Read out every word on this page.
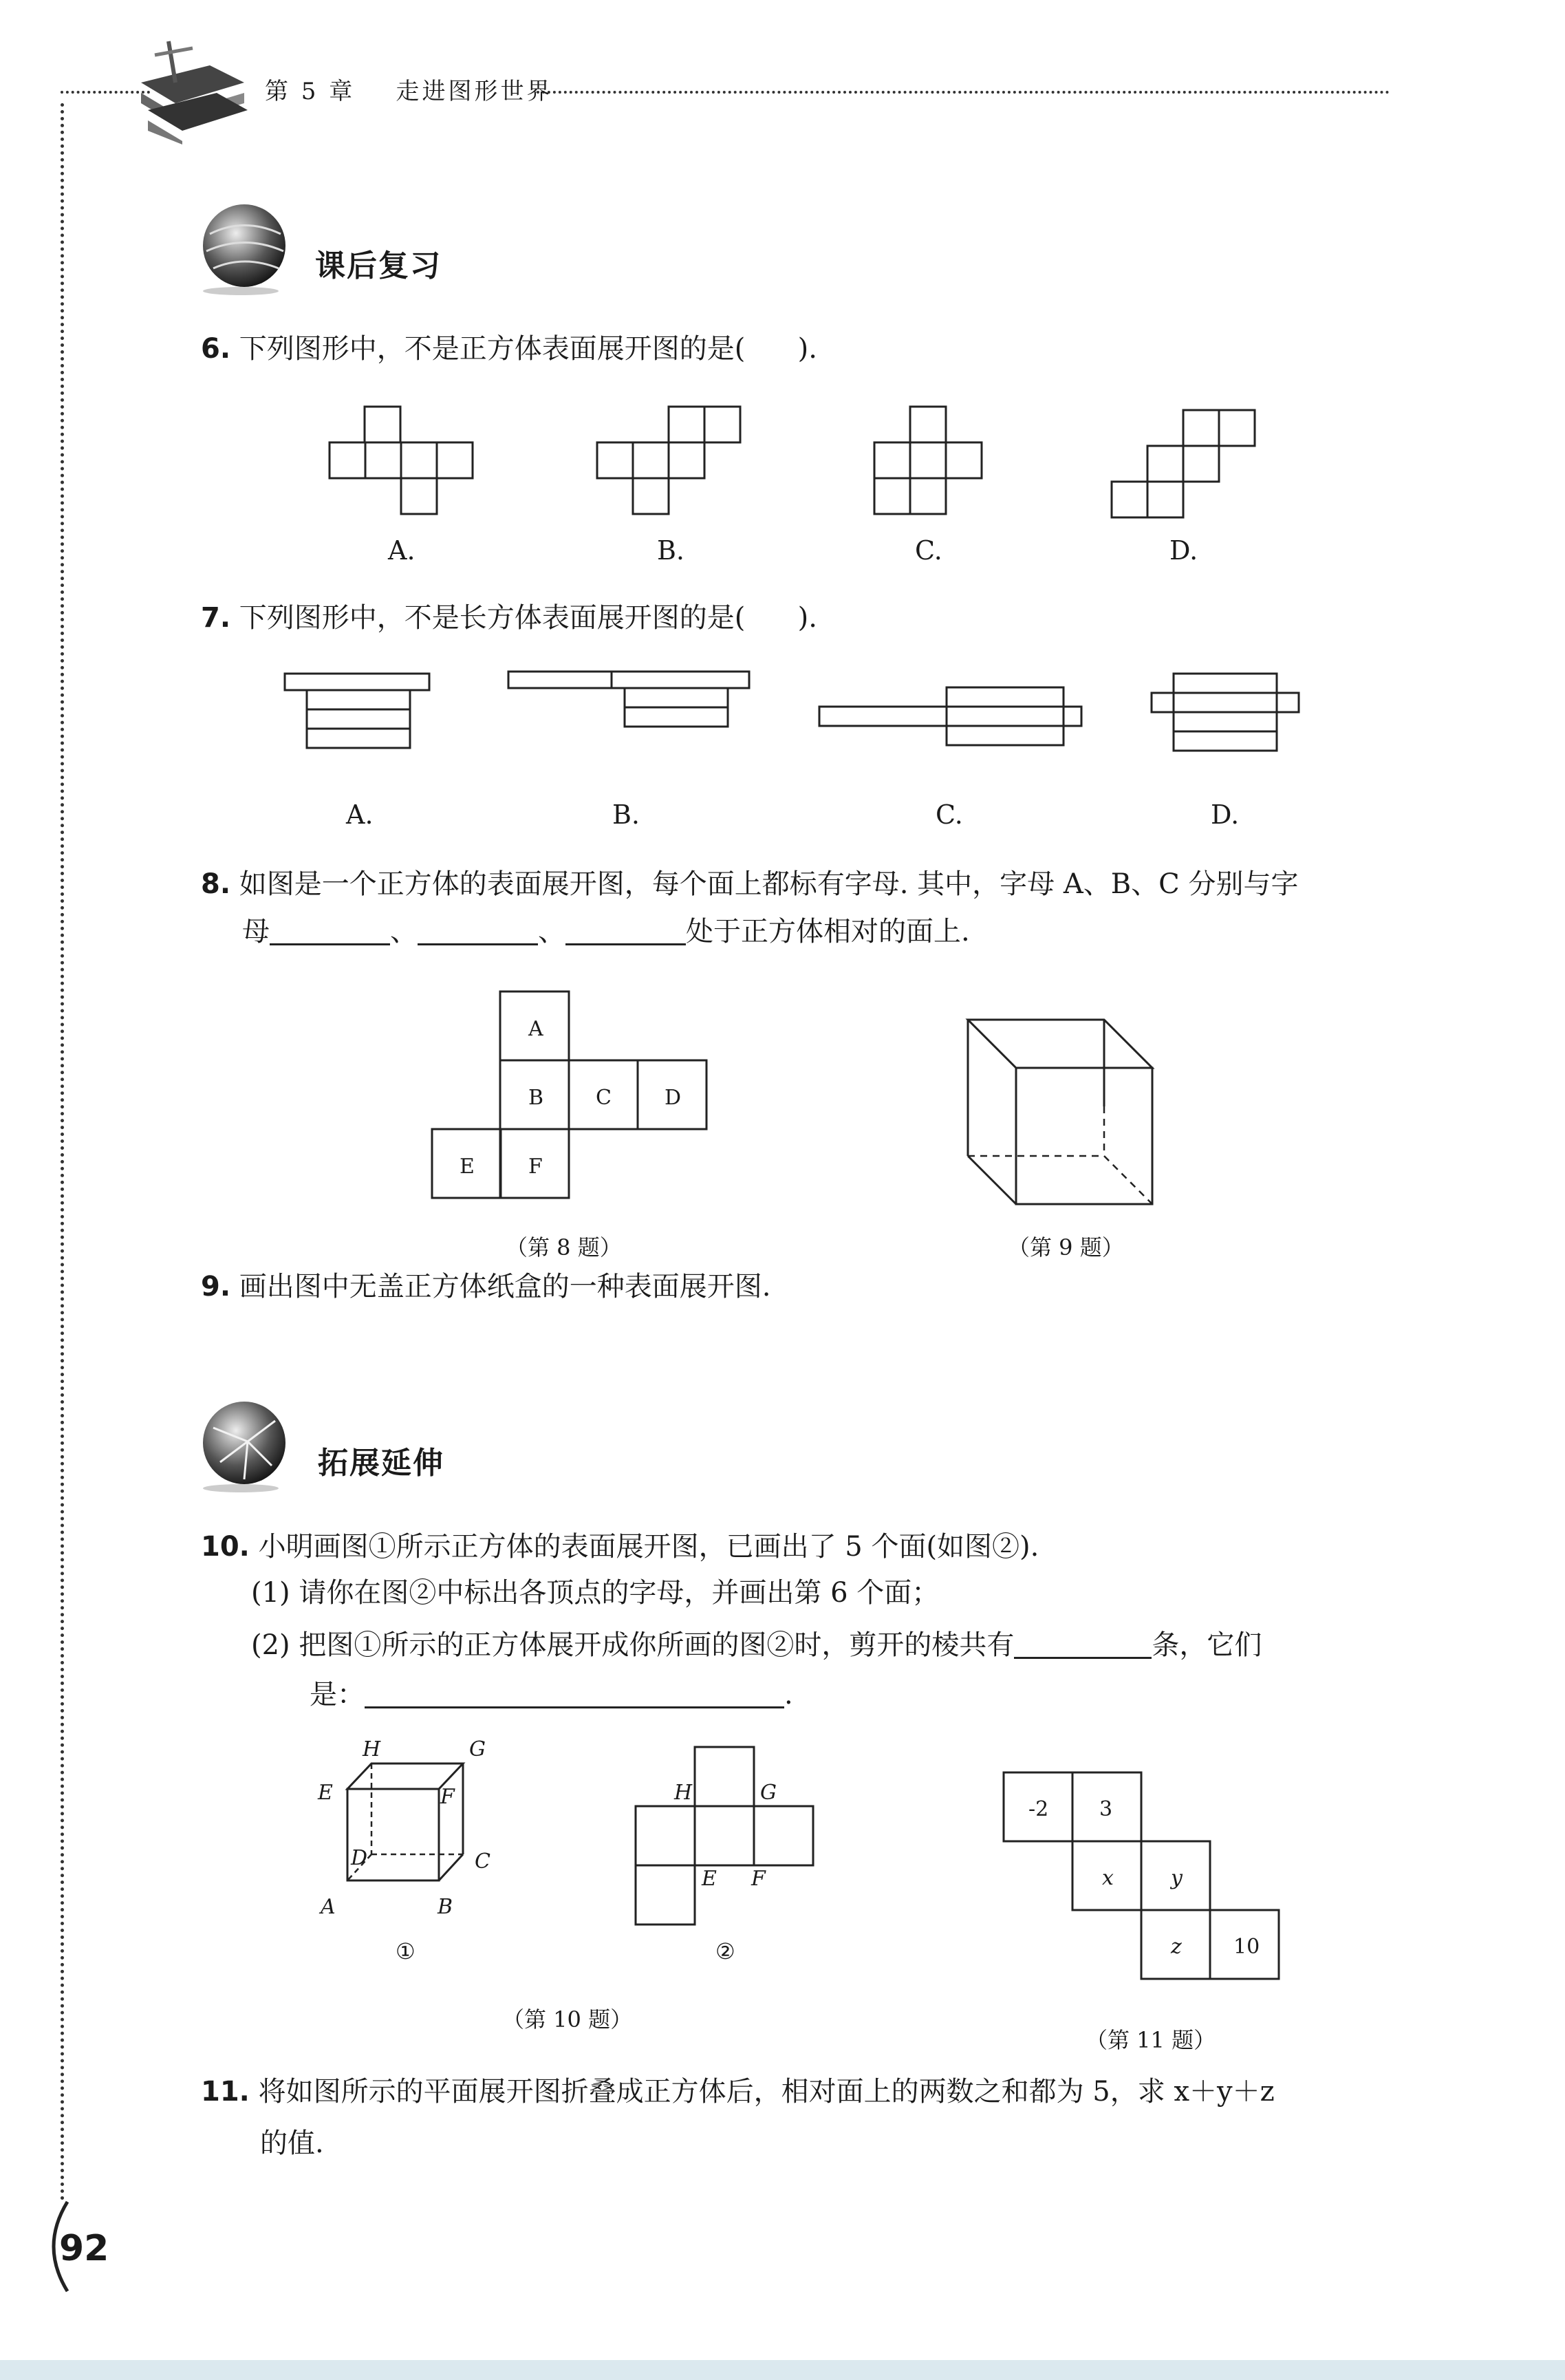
第 5 章 走进图形世界
课后复习
6. 下列图形中，不是正方体表面展开图的是(      ).
A.	B.	C.	D.
7. 下列图形中，不是长方体表面展开图的是(      ).
A.	B.	C.	D.
8. 如图是一个正方体的表面展开图，每个面上都标有字母. 其中，字母 A、B、C 分别与字
母	、	、	处于正方体相对的面上.
A
B	C	D
E	F
（第 8 题）	（第 9 题）
9. 画出图中无盖正方体纸盒的一种表面展开图.
拓展延伸
10. 小明画图①所示正方体的表面展开图，已画出了 5 个面(如图②).
(1) 请你在图②中标出各顶点的字母，并画出第 6 个面；
(2) 把图①所示的正方体展开成你所画的图②时，剪开的棱共有	条，它们
是：	.
H	G
E	F
D	C
A	B
①
H	G
E F
②
（第 10 题）
-2 3
x	y
z	10
（第 11 题）
11. 将如图所示的平面展开图折叠成正方体后，相对面上的两数之和都为 5，求 x＋y＋z
的值.
92
